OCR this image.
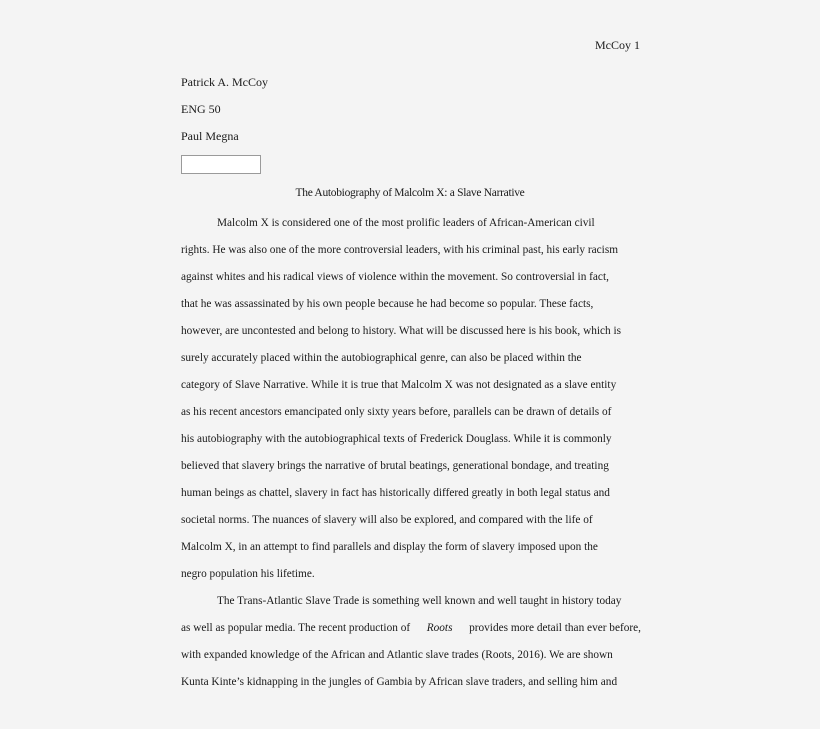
McCoy 1
Patrick A. McCoy
ENG 50
Paul Megna
The Autobiography of Malcolm X: a Slave Narrative
Malcolm X is considered one of the most prolific leaders of African-American civil
rights. He was also one of the more controversial leaders, with his criminal past, his early racism
against whites and his radical views of violence within the movement. So controversial in fact,
that he was assassinated by his own people because he had become so popular. These facts,
however, are uncontested and belong to history. What will be discussed here is his book, which is
surely accurately placed within the autobiographical genre, can also be placed within the
category of Slave Narrative. While it is true that Malcolm X was not designated as a slave entity
as his recent ancestors emancipated only sixty years before, parallels can be drawn of details of
his autobiography with the autobiographical texts of Frederick Douglass. While it is commonly
believed that slavery brings the narrative of brutal beatings, generational bondage, and treating
human beings as chattel, slavery in fact has historically differed greatly in both legal status and
societal norms. The nuances of slavery will also be explored, and compared with the life of
Malcolm X, in an attempt to find parallels and display the form of slavery imposed upon the
negro population his lifetime.
The Trans-Atlantic Slave Trade is something well known and well taught in history today
as well as popular media. The recent production of Roots provides more detail than ever before,
with expanded knowledge of the African and Atlantic slave trades (Roots, 2016). We are shown
Kunta Kinte’s kidnapping in the jungles of Gambia by African slave traders, and selling him and
